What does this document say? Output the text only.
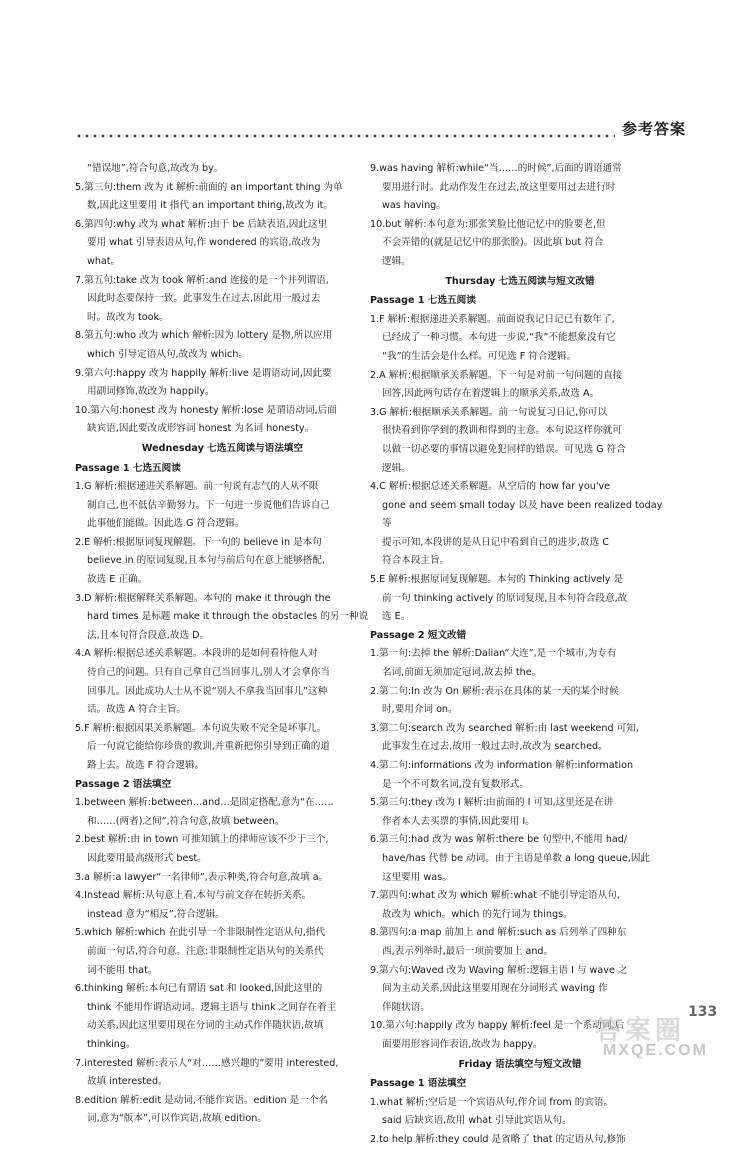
参考答案
“错误地”,符合句意,故改为 by。
5.第三句:them 改为 it 解析:前面的 an important thing 为单
数,因此这里要用 it 指代 an important thing,故改为 it。
6.第四句:why 改为 what 解析:由于 be 后缺表语,因此这里
要用 what 引导表语从句,作 wondered 的宾语,故改为
what。
7.第五句:take 改为 took 解析:and 连接的是一个并列谓语,
因此时态要保持一致。此事发生在过去,因此用一般过去
时。故改为 took。
8.第五句:who 改为 which 解析:因为 lottery 是物,所以应用
which 引导定语从句,故改为 which。
9.第六句:happy 改为 happily 解析:live 是谓语动词,因此要
用副词修饰,故改为 happily。
10.第六句:honest 改为 honesty 解析:lose 是谓语动词,后面
缺宾语,因此要改成形容词 honest 为名词 honesty。
Wednesday 七选五阅读与语法填空
Passage 1 七选五阅读
1.G 解析:根据递进关系解题。前一句说有志气的人从不限
制自己,也不低估辛勤努力。下一句进一步说他们告诉自己
此事他们能做。因此选 G 符合逻辑。
2.E 解析:根据原词复现解题。下一句的 believe in 是本句
believe in 的原词复现,且本句与前后句在意上能够搭配,
故选 E 正确。
3.D 解析:根据解释关系解题。本句的 make it through the
hard times 是标题 make it through the obstacles 的另一种说
法,且本句符合段意,故选 D。
4.A 解析:根据总述关系解题。本段讲的是如何看待他人对
待自己的问题。只有自己拿自己当回事儿,别人才会拿你当
回事儿。因此成功人士从不说“别人不拿我当回事儿”这种
话。故选 A 符合主旨。
5.F 解析:根据因果关系解题。本句说失败不完全是坏事儿。
后一句说它能给你珍贵的教训,并重新把你引导到正确的道
路上去。故选 F 符合逻辑。
Passage 2 语法填空
1.between 解析:between…and…是固定搭配,意为“在……
和……(两者)之间”,符合句意,故填 between。
2.best 解析:由 in town 可推知镇上的律师应该不少于三个,
因此要用最高级形式 best。
3.a 解析:a lawyer“一名律师”,表示种类,符合句意,故填 a。
4.Instead 解析:从句意上看,本句与前文存在转折关系。
instead 意为“相反”,符合逻辑。
5.which 解析:which 在此引导一个非限制性定语从句,指代
前面一句话,符合句意。注意:非限制性定语从句的关系代
词不能用 that。
6.thinking 解析:本句已有谓语 sat 和 looked,因此这里的
think 不能用作谓语动词。逻辑主语与 think 之间存在着主
动关系,因此这里要用现在分词的主动式作伴随状语,故填
thinking。
7.interested 解析:表示人“对……感兴趣的”要用 interested,
故填 interested。
8.edition 解析:edit 是动词,不能作宾语。edition 是一个名
词,意为“版本”,可以作宾语,故填 edition。
9.was having 解析:while“当……的时候”,后面的谓语通常
要用进行时。此动作发生在过去,故这里要用过去进行时
was having。
10.but 解析:本句意为:那张笑脸比他记忆中的脸要老,但
不会弄错的(就是记忆中的那张脸)。因此填 but 符合
逻辑。
Thursday 七选五阅读与短文改错
Passage 1 七选五阅读
1.F 解析:根据递进关系解题。前面说我记日记已有数年了,
已经成了一种习惯。本句进一步说,“我”不能想象没有它
“我”的生活会是什么样。可见选 F 符合逻辑。
2.A 解析:根据顺承关系解题。下一句是对前一句问题的直接
回答,因此两句话存在着逻辑上的顺承关系,故选 A。
3.G 解析:根据顺承关系解题。前一句说复习日记,你可以
很快看到你学到的教训和得到的主意。本句说这样你就可
以做一切必要的事情以避免犯同样的错误。可见选 G 符合
逻辑。
4.C 解析:根据总述关系解题。从空后的 how far you've
gone and seem small today 以及 have been realized today 等
提示可知,本段讲的是从日记中看到自己的进步,故选 C
符合本段主旨。
5.E 解析:根据原词复现解题。本句的 Thinking actively 是
前一句 thinking actively 的原词复现,且本句符合段意,故
选 E。
Passage 2 短文改错
1.第一句:去掉 the 解析:Dalian“大连”,是一个城市,为专有
名词,前面无须加定冠词,故去掉 the。
2.第二句:In 改为 On 解析:表示在具体的某一天的某个时候
时,要用介词 on。
3.第二句:search 改为 searched 解析:由 last weekend 可知,
此事发生在过去,故用一般过去时,故改为 searched。
4.第二句:informations 改为 information 解析:information
是一个不可数名词,没有复数形式。
5.第三句:they 改为 I 解析:由前面的 I 可知,这里还是在讲
作者本人去买票的事情,因此要用 I。
6.第三句:had 改为 was 解析:there be 句型中,不能用 had/
have/has 代替 be 动词。由于主语是单数 a long queue,因此
这里要用 was。
7.第四句:what 改为 which 解析:what 不能引导定语从句,
故改为 which。which 的先行词为 things。
8.第四句:a map 前加上 and 解析:such as 后列举了四种东
西,表示列举时,最后一项前要加上 and。
9.第六句:Waved 改为 Waving 解析:逻辑主语 I 与 wave 之
间为主动关系,因此这里要用现在分词形式 waving 作
伴随状语。
10.第六句:happily 改为 happy 解析:feel 是一个系动词,后
面要用形容词作表语,故改为 happy。
Friday 语法填空与短文改错
Passage 1 语法填空
1.what 解析:空后是一个宾语从句,作介词 from 的宾语。
said 后缺宾语,故用 what 引导此宾语从句。
2.to help 解析:they could 是省略了 that 的定语从句,修饰
133
答案圈
MXQE.COM
